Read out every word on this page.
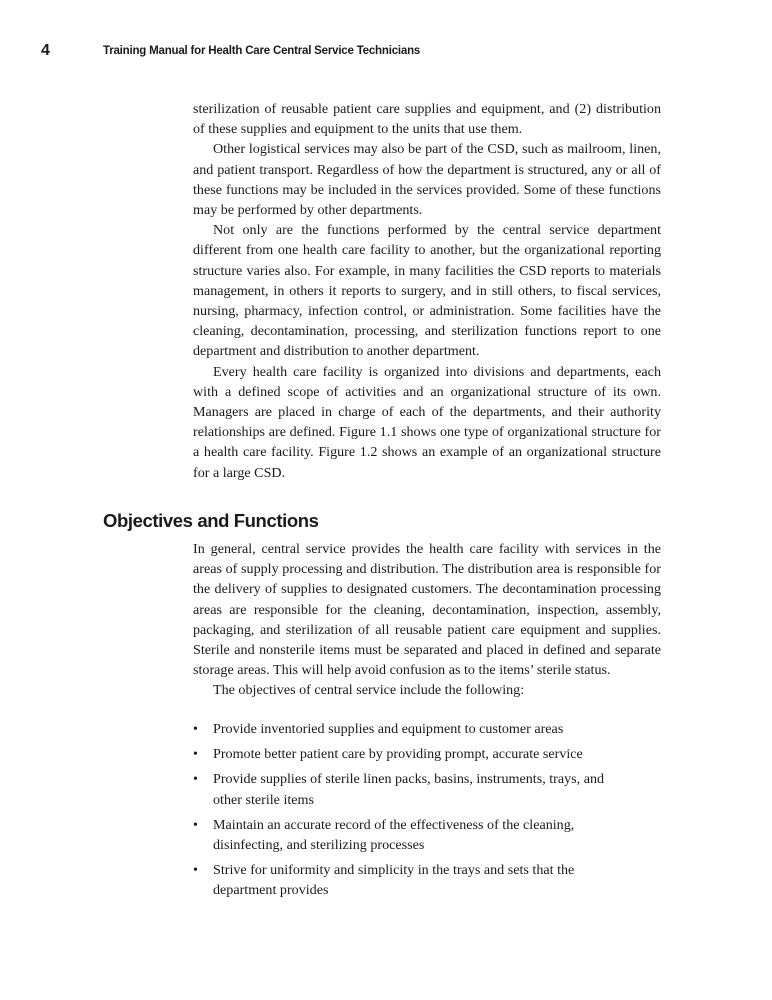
4	Training Manual for Health Care Central Service Technicians

sterilization of reusable patient care supplies and equipment, and (2) distribution of these supplies and equipment to the units that use them.

Other logistical services may also be part of the CSD, such as mailroom, linen, and patient transport. Regardless of how the department is structured, any or all of these functions may be included in the services provided. Some of these functions may be performed by other departments.

Not only are the functions performed by the central service department different from one health care facility to another, but the organizational reporting structure varies also. For example, in many facilities the CSD reports to materials management, in others it reports to surgery, and in still others, to fiscal services, nursing, pharmacy, infection control, or administration. Some facilities have the cleaning, decontamination, processing, and sterilization functions report to one department and distribution to another department.

Every health care facility is organized into divisions and departments, each with a defined scope of activities and an organizational structure of its own. Managers are placed in charge of each of the departments, and their authority relationships are defined. Figure 1.1 shows one type of organizational structure for a health care facility. Figure 1.2 shows an example of an organizational structure for a large CSD.

Objectives and Functions

In general, central service provides the health care facility with services in the areas of supply processing and distribution. The distribution area is responsible for the delivery of supplies to designated customers. The decontamination processing areas are responsible for the cleaning, decontamination, inspection, assembly, packaging, and sterilization of all reusable patient care equipment and supplies. Sterile and nonsterile items must be separated and placed in defined and separate storage areas. This will help avoid confusion as to the items’ sterile status.

The objectives of central service include the following:

•	Provide inventoried supplies and equipment to customer areas
•	Promote better patient care by providing prompt, accurate service
•	Provide supplies of sterile linen packs, basins, instruments, trays, and other sterile items
•	Maintain an accurate record of the effectiveness of the cleaning, disinfecting, and sterilizing processes
•	Strive for uniformity and simplicity in the trays and sets that the department provides
